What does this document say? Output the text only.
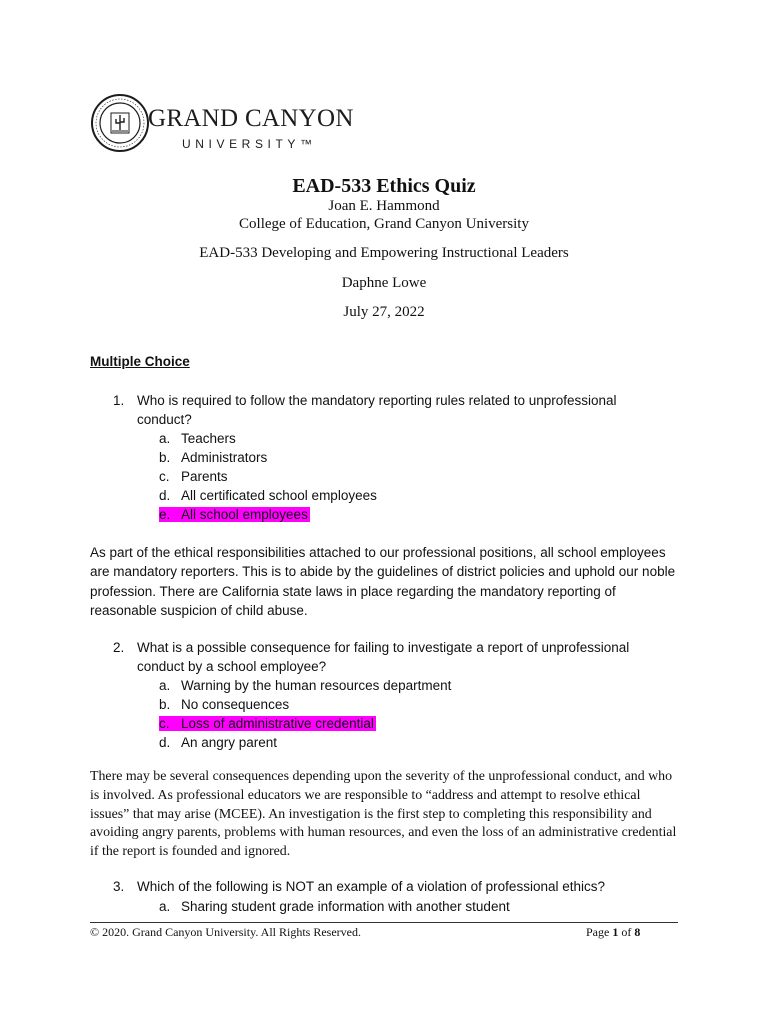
GRAND CANYON
UNIVERSITY™
EAD-533 Ethics Quiz
Joan E. Hammond
College of Education, Grand Canyon University
EAD-533 Developing and Empowering Instructional Leaders
Daphne Lowe
July 27, 2022
Multiple Choice
1. Who is required to follow the mandatory reporting rules related to unprofessional conduct?
a. Teachers
b. Administrators
c. Parents
d. All certificated school employees
e. All school employees
As part of the ethical responsibilities attached to our professional positions, all school employees are mandatory reporters. This is to abide by the guidelines of district policies and uphold our noble profession. There are California state laws in place regarding the mandatory reporting of reasonable suspicion of child abuse.
2. What is a possible consequence for failing to investigate a report of unprofessional conduct by a school employee?
a. Warning by the human resources department
b. No consequences
c. Loss of administrative credential
d. An angry parent
There may be several consequences depending upon the severity of the unprofessional conduct, and who is involved. As professional educators we are responsible to “address and attempt to resolve ethical issues” that may arise (MCEE). An investigation is the first step to completing this responsibility and avoiding angry parents, problems with human resources, and even the loss of an administrative credential if the report is founded and ignored.
3. Which of the following is NOT an example of a violation of professional ethics?
a. Sharing student grade information with another student
© 2020. Grand Canyon University. All Rights Reserved.	Page 1 of 8
